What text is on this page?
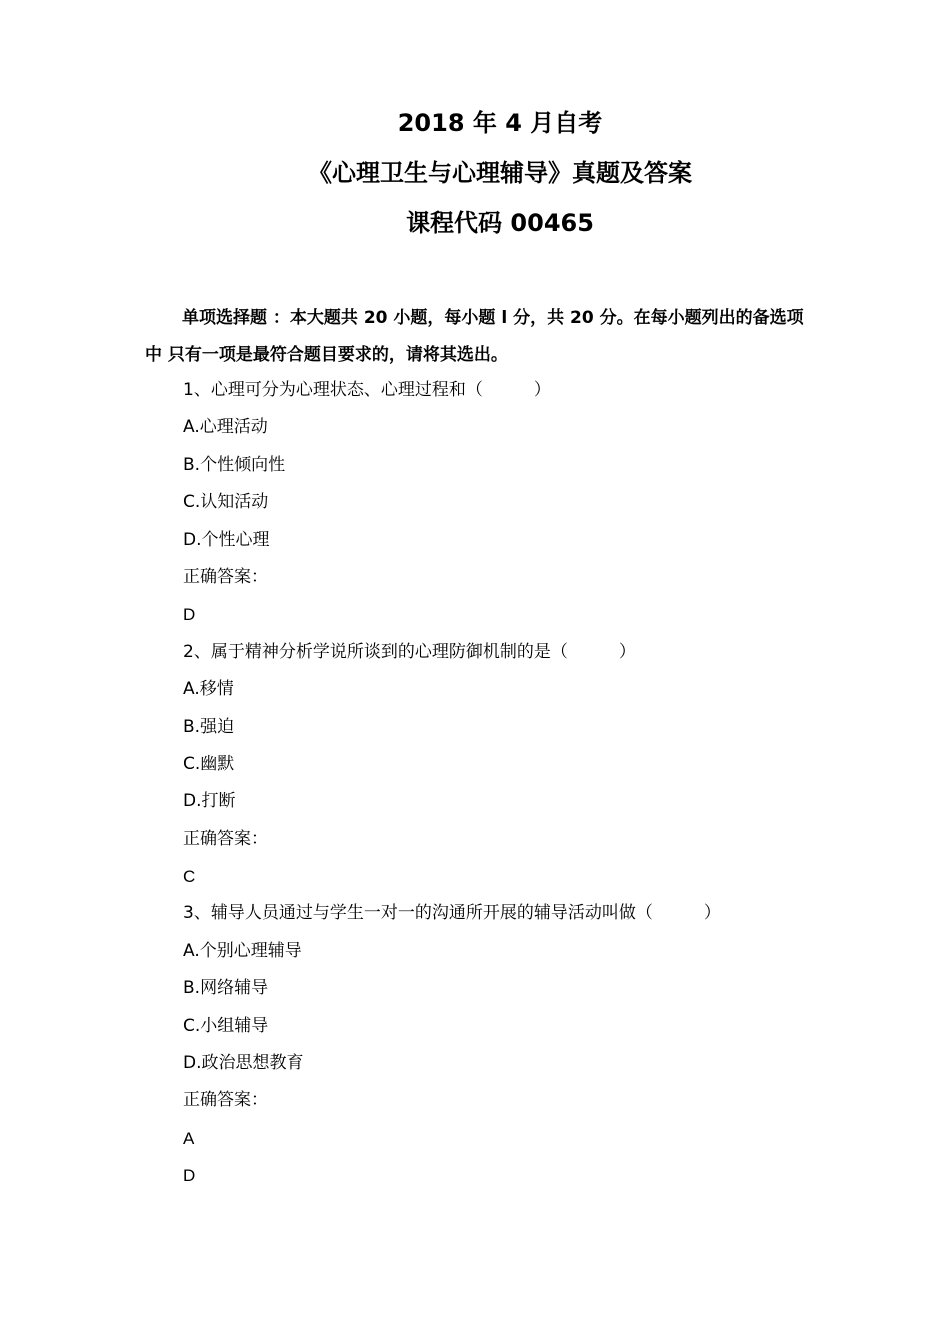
2018 年 4 月自考
《心理卫生与心理辅导》真题及答案
课程代码 00465
单项选择题 ：本大题共 20 小题，每小题 l 分，共 20 分。在每小题列出的备选项中 只有一项是最符合题目要求的，请将其选出。
1、心理可分为心理状态、心理过程和（　　　）
A.心理活动
B.个性倾向性
C.认知活动
D.个性心理
正确答案：
D
2、属于精神分析学说所谈到的心理防御机制的是（　　　）
A.移情
B.强迫
C.幽默
D.打断
正确答案：
C
3、辅导人员通过与学生一对一的沟通所开展的辅导活动叫做（　　　）
A.个别心理辅导
B.网络辅导
C.小组辅导
D.政治思想教育
正确答案：
A
D
